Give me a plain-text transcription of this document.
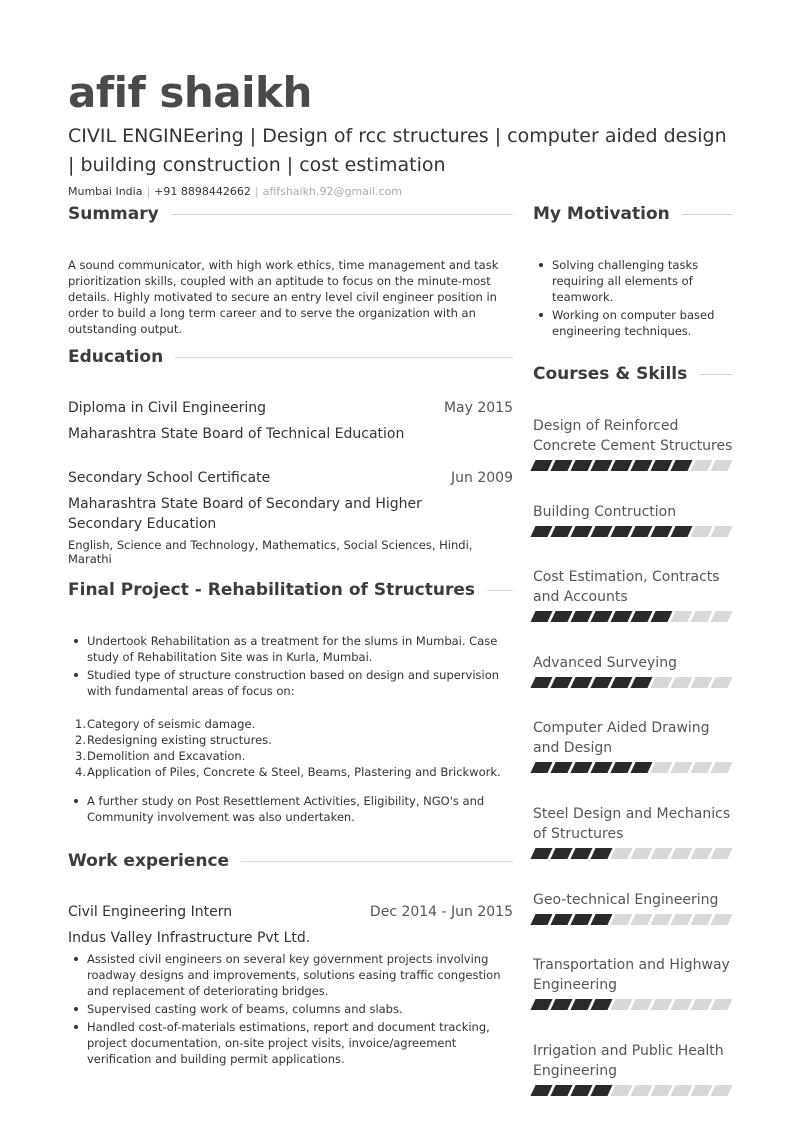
afif shaikh
CIVIL ENGINEering | Design of rcc structures | computer aided design | building construction | cost estimation
Mumbai India | +91 8898442662 | afifshaikh.92@gmail.com
Summary
A sound communicator, with high work ethics, time management and task prioritization skills, coupled with an aptitude to focus on the minute-most details. Highly motivated to secure an entry level civil engineer position in order to build a long term career and to serve the organization with an outstanding output.
Education
Diploma in Civil Engineering	May 2015
Maharashtra State Board of Technical Education
Secondary School Certificate	Jun 2009
Maharashtra State Board of Secondary and Higher Secondary Education
English, Science and Technology, Mathematics, Social Sciences, Hindi, Marathi
Final Project - Rehabilitation of Structures
Undertook Rehabilitation as a treatment for the slums in Mumbai. Case study of Rehabilitation Site was in Kurla, Mumbai.
Studied type of structure construction based on design and supervision with fundamental areas of focus on:
1. Category of seismic damage.
2. Redesigning existing structures.
3. Demolition and Excavation.
4. Application of Piles, Concrete & Steel, Beams, Plastering and Brickwork.
A further study on Post Resettlement Activities, Eligibility, NGO's and Community involvement was also undertaken.
Work experience
Civil Engineering Intern	Dec 2014 - Jun 2015
Indus Valley Infrastructure Pvt Ltd.
Assisted civil engineers on several key government projects involving roadway designs and improvements, solutions easing traffic congestion and replacement of deteriorating bridges.
Supervised casting work of beams, columns and slabs.
Handled cost-of-materials estimations, report and document tracking, project documentation, on-site project visits, invoice/agreement verification and building permit applications.
My Motivation
Solving challenging tasks requiring all elements of teamwork.
Working on computer based engineering techniques.
Courses & Skills
Design of Reinforced Concrete Cement Structures
Building Contruction
Cost Estimation, Contracts and Accounts
Advanced Surveying
Computer Aided Drawing and Design
Steel Design and Mechanics of Structures
Geo-technical Engineering
Transportation and Highway Engineering
Irrigation and Public Health Engineering
